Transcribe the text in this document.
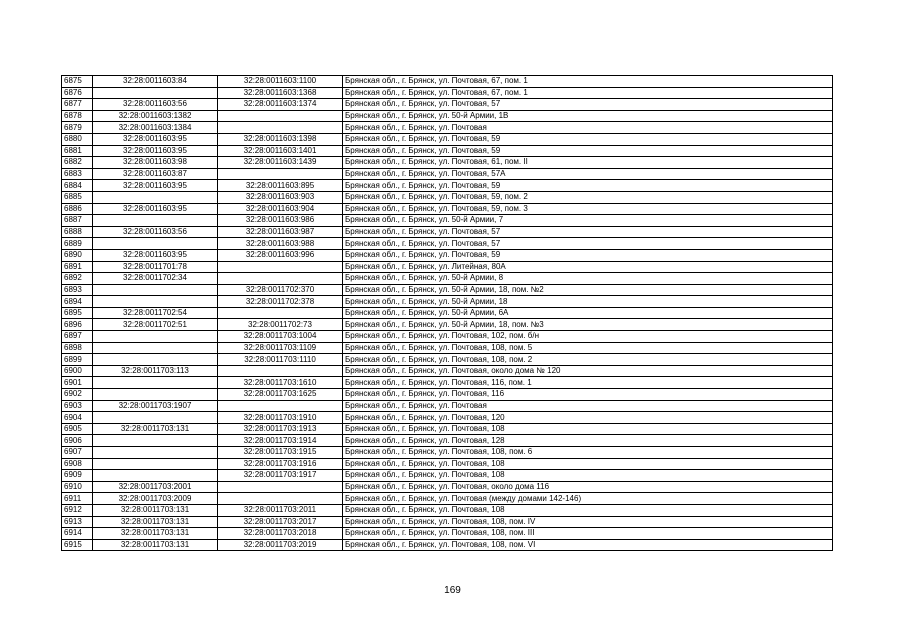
6875	32:28:0011603:84	32:28:0011603:1100	Брянская обл., г. Брянск, ул. Почтовая, 67, пом. 1
6876		32:28:0011603:1368	Брянская обл., г. Брянск, ул. Почтовая, 67, пом. 1
6877	32:28:0011603:56	32:28:0011603:1374	Брянская обл., г. Брянск, ул. Почтовая, 57
6878	32:28:0011603:1382		Брянская обл., г. Брянск, ул. 50-й Армии, 1В
6879	32:28:0011603:1384		Брянская обл., г. Брянск, ул. Почтовая
6880	32:28:0011603:95	32:28:0011603:1398	Брянская обл., г. Брянск, ул. Почтовая, 59
6881	32:28:0011603:95	32:28:0011603:1401	Брянская обл., г. Брянск, ул. Почтовая, 59
6882	32:28:0011603:98	32:28:0011603:1439	Брянская обл., г. Брянск, ул. Почтовая, 61, пом. II
6883	32:28:0011603:87		Брянская обл., г. Брянск, ул. Почтовая, 57А
6884	32:28:0011603:95	32:28:0011603:895	Брянская обл., г. Брянск, ул. Почтовая, 59
6885		32:28:0011603:903	Брянская обл., г. Брянск, ул. Почтовая, 59, пом. 2
6886	32:28:0011603:95	32:28:0011603:904	Брянская обл., г. Брянск, ул. Почтовая, 59, пом. 3
6887		32:28:0011603:986	Брянская обл., г. Брянск, ул. 50-й Армии, 7
6888	32:28:0011603:56	32:28:0011603:987	Брянская обл., г. Брянск, ул. Почтовая, 57
6889		32:28:0011603:988	Брянская обл., г. Брянск, ул. Почтовая, 57
6890	32:28:0011603:95	32:28:0011603:996	Брянская обл., г. Брянск, ул. Почтовая, 59
6891	32:28:0011701:78		Брянская обл., г. Брянск, ул. Литейная, 80А
6892	32:28:0011702:34		Брянская обл., г. Брянск, ул. 50-й Армии, 8
6893		32:28:0011702:370	Брянская обл., г. Брянск, ул. 50-й Армии, 18, пом. №2
6894		32:28:0011702:378	Брянская обл., г. Брянск, ул. 50-й Армии, 18
6895	32:28:0011702:54		Брянская обл., г. Брянск, ул. 50-й Армии, 6А
6896	32:28:0011702:51	32:28:0011702:73	Брянская обл., г. Брянск, ул. 50-й Армии, 18, пом. №3
6897		32:28:0011703:1004	Брянская обл., г. Брянск, ул. Почтовая, 102, пом. б/н
6898		32:28:0011703:1109	Брянская обл., г. Брянск, ул. Почтовая, 108, пом. 5
6899		32:28:0011703:1110	Брянская обл., г. Брянск, ул. Почтовая, 108, пом. 2
6900	32:28:0011703:113		Брянская обл., г. Брянск, ул. Почтовая, около дома № 120
6901		32:28:0011703:1610	Брянская обл., г. Брянск, ул. Почтовая, 116, пом. 1
6902		32:28:0011703:1625	Брянская обл., г. Брянск, ул. Почтовая, 116
6903	32:28:0011703:1907		Брянская обл., г. Брянск, ул. Почтовая
6904		32:28:0011703:1910	Брянская обл., г. Брянск, ул. Почтовая, 120
6905	32:28:0011703:131	32:28:0011703:1913	Брянская обл., г. Брянск, ул. Почтовая, 108
6906		32:28:0011703:1914	Брянская обл., г. Брянск, ул. Почтовая, 128
6907		32:28:0011703:1915	Брянская обл., г. Брянск, ул. Почтовая, 108, пом. 6
6908		32:28:0011703:1916	Брянская обл., г. Брянск, ул. Почтовая, 108
6909		32:28:0011703:1917	Брянская обл., г. Брянск, ул. Почтовая, 108
6910	32:28:0011703:2001		Брянская обл., г. Брянск, ул. Почтовая, около дома 116
6911	32:28:0011703:2009		Брянская обл., г. Брянск, ул. Почтовая (между домами 142-146)
6912	32:28:0011703:131	32:28:0011703:2011	Брянская обл., г. Брянск, ул. Почтовая, 108
6913	32:28:0011703:131	32:28:0011703:2017	Брянская обл., г. Брянск, ул. Почтовая, 108, пом. IV
6914	32:28:0011703:131	32:28:0011703:2018	Брянская обл., г. Брянск, ул. Почтовая, 108, пом. III
6915	32:28:0011703:131	32:28:0011703:2019	Брянская обл., г. Брянск, ул. Почтовая, 108, пом. VI
169
